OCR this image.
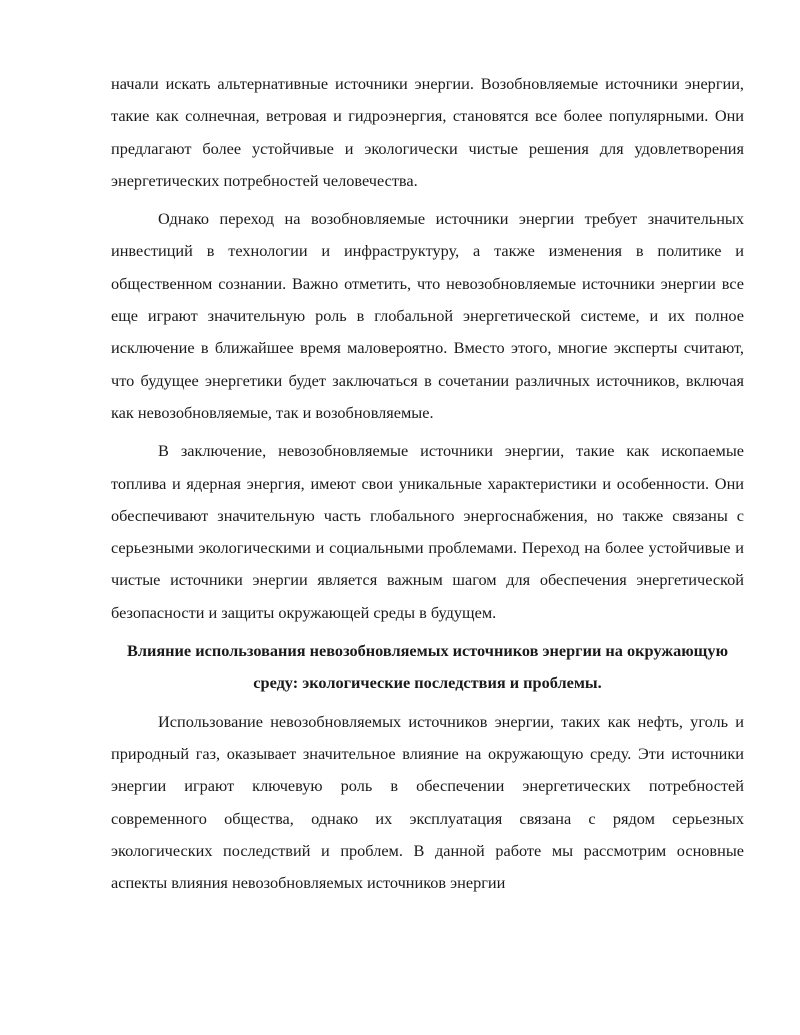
начали искать альтернативные источники энергии. Возобновляемые источники энергии, такие как солнечная, ветровая и гидроэнергия, становятся все более популярными. Они предлагают более устойчивые и экологически чистые решения для удовлетворения энергетических потребностей человечества.

Однако переход на возобновляемые источники энергии требует значительных инвестиций в технологии и инфраструктуру, а также изменения в политике и общественном сознании. Важно отметить, что невозобновляемые источники энергии все еще играют значительную роль в глобальной энергетической системе, и их полное исключение в ближайшее время маловероятно. Вместо этого, многие эксперты считают, что будущее энергетики будет заключаться в сочетании различных источников, включая как невозобновляемые, так и возобновляемые.

В заключение, невозобновляемые источники энергии, такие как ископаемые топлива и ядерная энергия, имеют свои уникальные характеристики и особенности. Они обеспечивают значительную часть глобального энергоснабжения, но также связаны с серьезными экологическими и социальными проблемами. Переход на более устойчивые и чистые источники энергии является важным шагом для обеспечения энергетической безопасности и защиты окружающей среды в будущем.

Влияние использования невозобновляемых источников энергии на окружающую среду: экологические последствия и проблемы.

Использование невозобновляемых источников энергии, таких как нефть, уголь и природный газ, оказывает значительное влияние на окружающую среду. Эти источники энергии играют ключевую роль в обеспечении энергетических потребностей современного общества, однако их эксплуатация связана с рядом серьезных экологических последствий и проблем. В данной работе мы рассмотрим основные аспекты влияния невозобновляемых источников энергии
